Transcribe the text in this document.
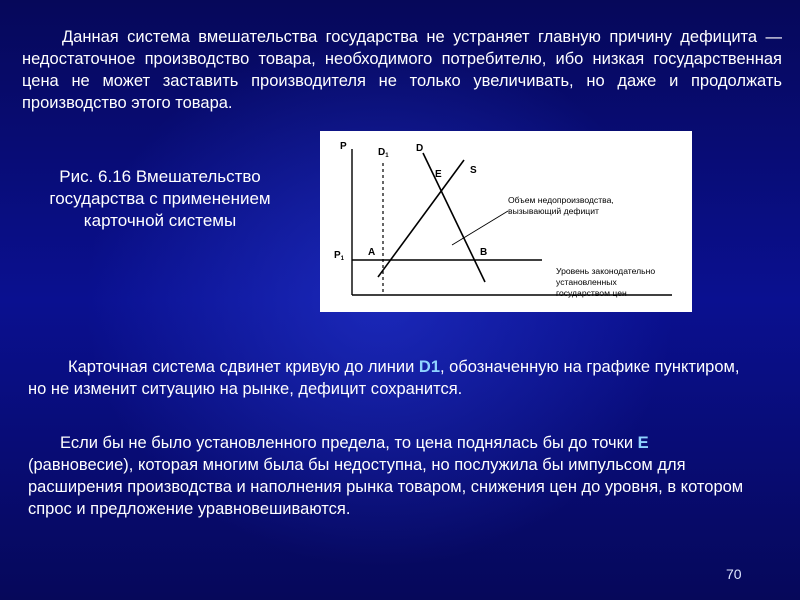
Данная система вмешательства государства не устраняет главную причину дефицита — недостаточное производство товара, необходимого потребителю, ибо низкая государственная цена не может заставить производителя не только увеличивать, но даже и продолжать производство этого товара.

Рис. 6.16 Вмешательство государства с применением карточной системы
P
$P_1$
$D_1$
D
S
E
A	B
Объем недопроизводства,
вызывающий дефицит
Уровень законодательно
установленных
государством цен

Карточная система сдвинет кривую до линии D1, обозначенную на графике пунктиром, но не изменит ситуацию на рынке, дефицит сохранится.

Если бы не было установленного предела, то цена поднялась бы до точки E (равновесие), которая многим была бы недоступна, но послужила бы импульсом для расширения производства и наполнения рынка товаром, снижения цен до уровня, в котором спрос и предложение уравновешиваются.

70
